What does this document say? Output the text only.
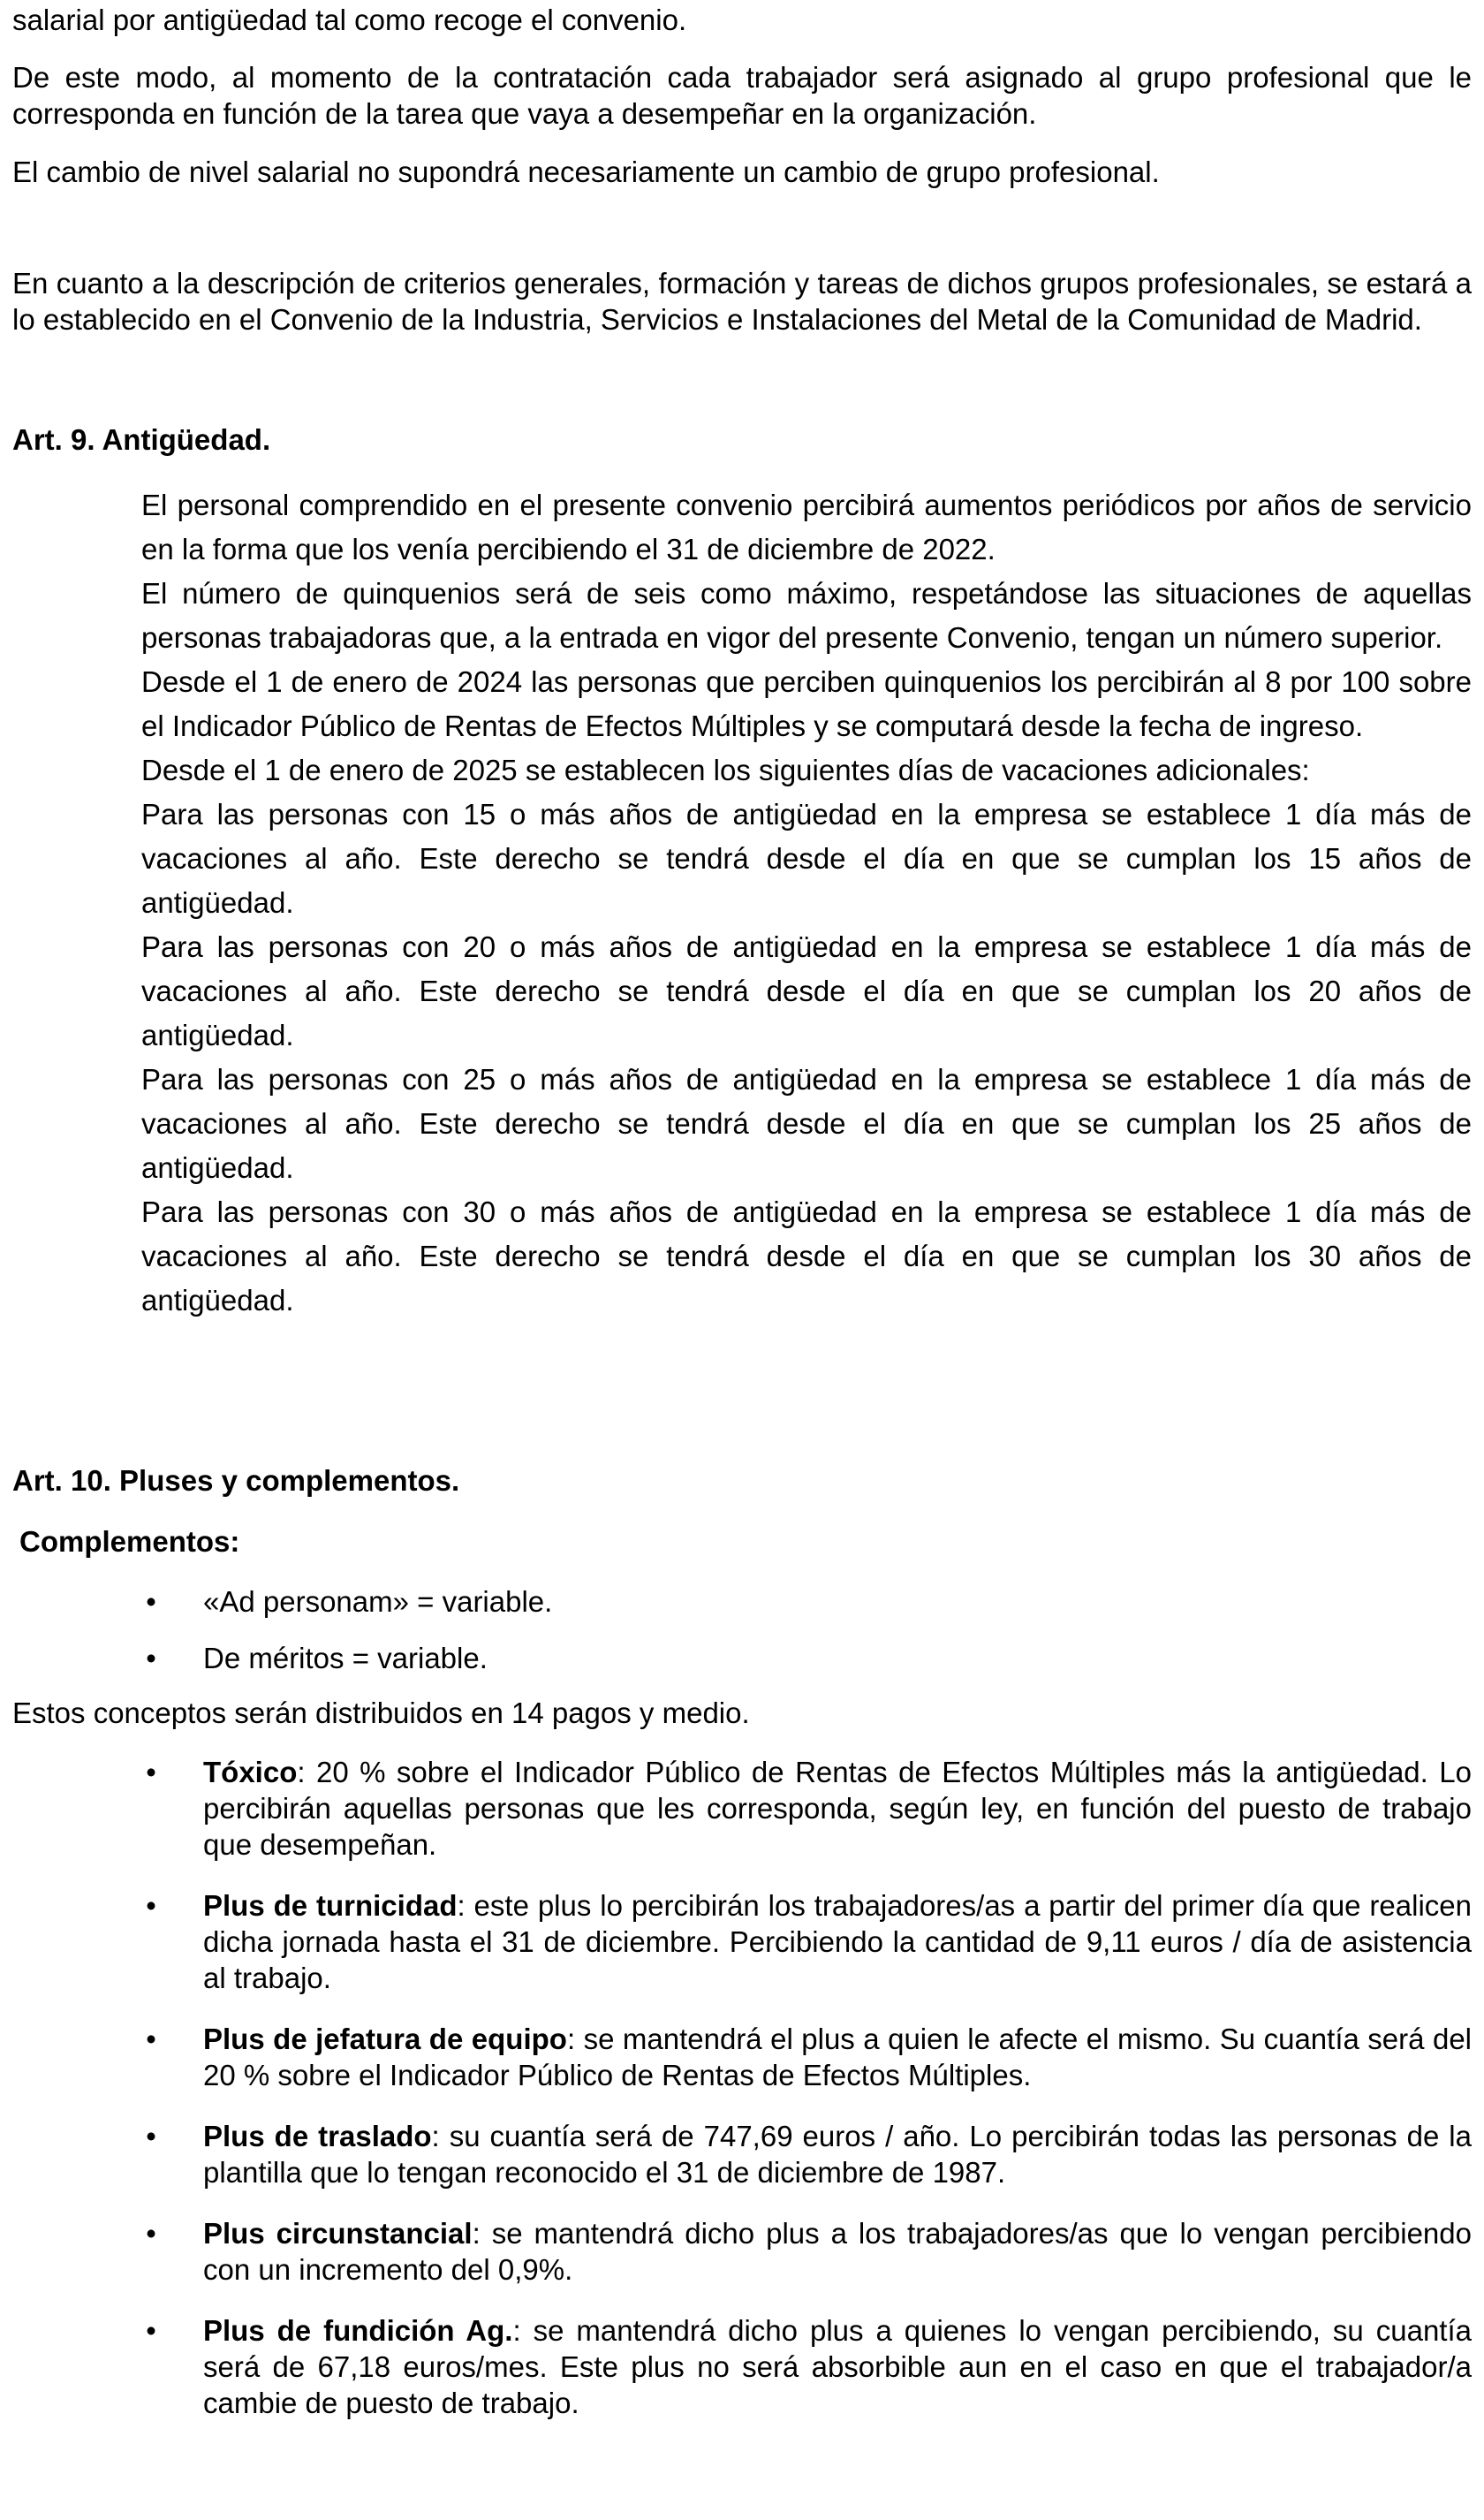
salarial por antigüedad tal como recoge el convenio.

De este modo, al momento de la contratación cada trabajador será asignado al grupo profesional que le corresponda en función de la tarea que vaya a desempeñar en la organización.

El cambio de nivel salarial no supondrá necesariamente un cambio de grupo profesional.

En cuanto a la descripción de criterios generales, formación y tareas de dichos grupos profesionales, se estará a lo establecido en el Convenio de la Industria, Servicios e Instalaciones del Metal de la Comunidad de Madrid.

Art. 9. Antigüedad.

El personal comprendido en el presente convenio percibirá aumentos periódicos por años de servicio en la forma que los venía percibiendo el 31 de diciembre de 2022.

El número de quinquenios será de seis como máximo, respetándose las situaciones de aquellas personas trabajadoras que, a la entrada en vigor del presente Convenio, tengan un número superior.

Desde el 1 de enero de 2024 las personas que perciben quinquenios los percibirán al 8 por 100 sobre el Indicador Público de Rentas de Efectos Múltiples y se computará desde la fecha de ingreso.

Desde el 1 de enero de 2025 se establecen los siguientes días de vacaciones adicionales:

Para las personas con 15 o más años de antigüedad en la empresa se establece 1 día más de vacaciones al año. Este derecho se tendrá desde el día en que se cumplan los 15 años de antigüedad.

Para las personas con 20 o más años de antigüedad en la empresa se establece 1 día más de vacaciones al año. Este derecho se tendrá desde el día en que se cumplan los 20 años de antigüedad.

Para las personas con 25 o más años de antigüedad en la empresa se establece 1 día más de vacaciones al año. Este derecho se tendrá desde el día en que se cumplan los 25 años de antigüedad.

Para las personas con 30 o más años de antigüedad en la empresa se establece 1 día más de vacaciones al año. Este derecho se tendrá desde el día en que se cumplan los 30 años de antigüedad.

Art. 10. Pluses y complementos.
Complementos:
• «Ad personam» = variable.
• De méritos = variable.

Estos conceptos serán distribuidos en 14 pagos y medio.

• Tóxico: 20 % sobre el Indicador Público de Rentas de Efectos Múltiples más la antigüedad. Lo percibirán aquellas personas que les corresponda, según ley, en función del puesto de trabajo que desempeñan.
• Plus de turnicidad: este plus lo percibirán los trabajadores/as a partir del primer día que realicen dicha jornada hasta el 31 de diciembre. Percibiendo la cantidad de 9,11 euros / día de asistencia al trabajo.
• Plus de jefatura de equipo: se mantendrá el plus a quien le afecte el mismo. Su cuantía será del 20 % sobre el Indicador Público de Rentas de Efectos Múltiples.
• Plus de traslado: su cuantía será de 747,69 euros / año. Lo percibirán todas las personas de la plantilla que lo tengan reconocido el 31 de diciembre de 1987.
• Plus circunstancial: se mantendrá dicho plus a los trabajadores/as que lo vengan percibiendo con un incremento del 0,9%.
• Plus de fundición Ag.: se mantendrá dicho plus a quienes lo vengan percibiendo, su cuantía será de 67,18 euros/mes. Este plus no será absorbible aun en el caso en que el trabajador/a cambie de puesto de trabajo.
